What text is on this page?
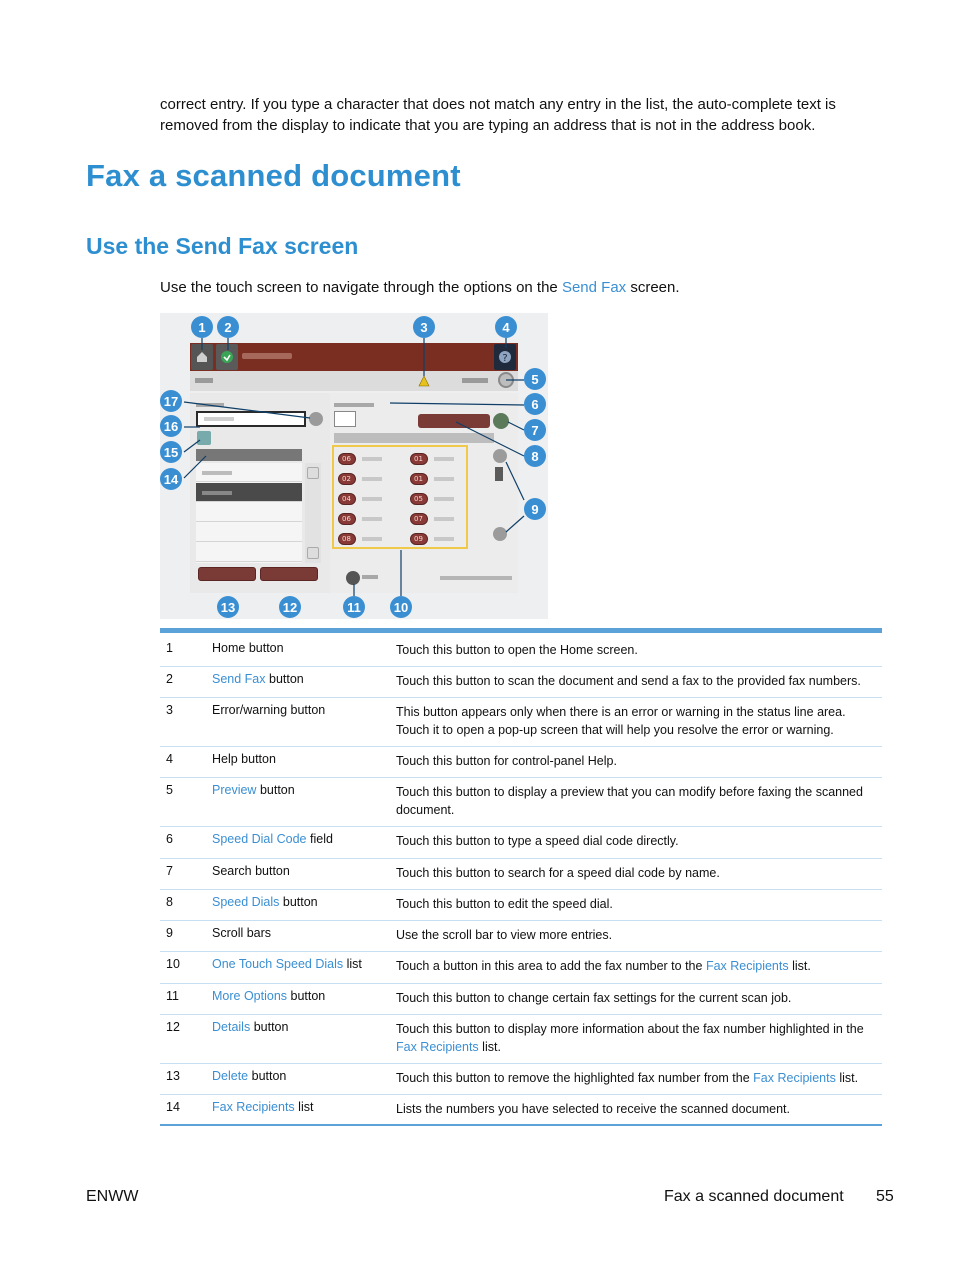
correct entry. If you type a character that does not match any entry in the list, the auto-complete text is removed from the display to indicate that you are typing an address that is not in the address book.
Fax a scanned document
Use the Send Fax screen
Use the touch screen to navigate through the options on the Send Fax screen.
?
06	01
02	01
04	05
06	07
08	09
1	2	3	4
5
6
7
8
9
10
11
12
13
14
15
16
17
1	Home button	Touch this button to open the Home screen.
2	Send Fax button	Touch this button to scan the document and send a fax to the provided fax numbers.
3	Error/warning button	This button appears only when there is an error or warning in the status line area. Touch it to open a pop-up screen that will help you resolve the error or warning.
4	Help button	Touch this button for control-panel Help.
5	Preview button	Touch this button to display a preview that you can modify before faxing the scanned document.
6	Speed Dial Code field	Touch this button to type a speed dial code directly.
7	Search button	Touch this button to search for a speed dial code by name.
8	Speed Dials button	Touch this button to edit the speed dial.
9	Scroll bars	Use the scroll bar to view more entries.
10	One Touch Speed Dials list	Touch a button in this area to add the fax number to the Fax Recipients list.
11	More Options button	Touch this button to change certain fax settings for the current scan job.
12	Details button	Touch this button to display more information about the fax number highlighted in the Fax Recipients list.
13	Delete button	Touch this button to remove the highlighted fax number from the Fax Recipients list.
14	Fax Recipients list	Lists the numbers you have selected to receive the scanned document.
ENWW	Fax a scanned document 55
